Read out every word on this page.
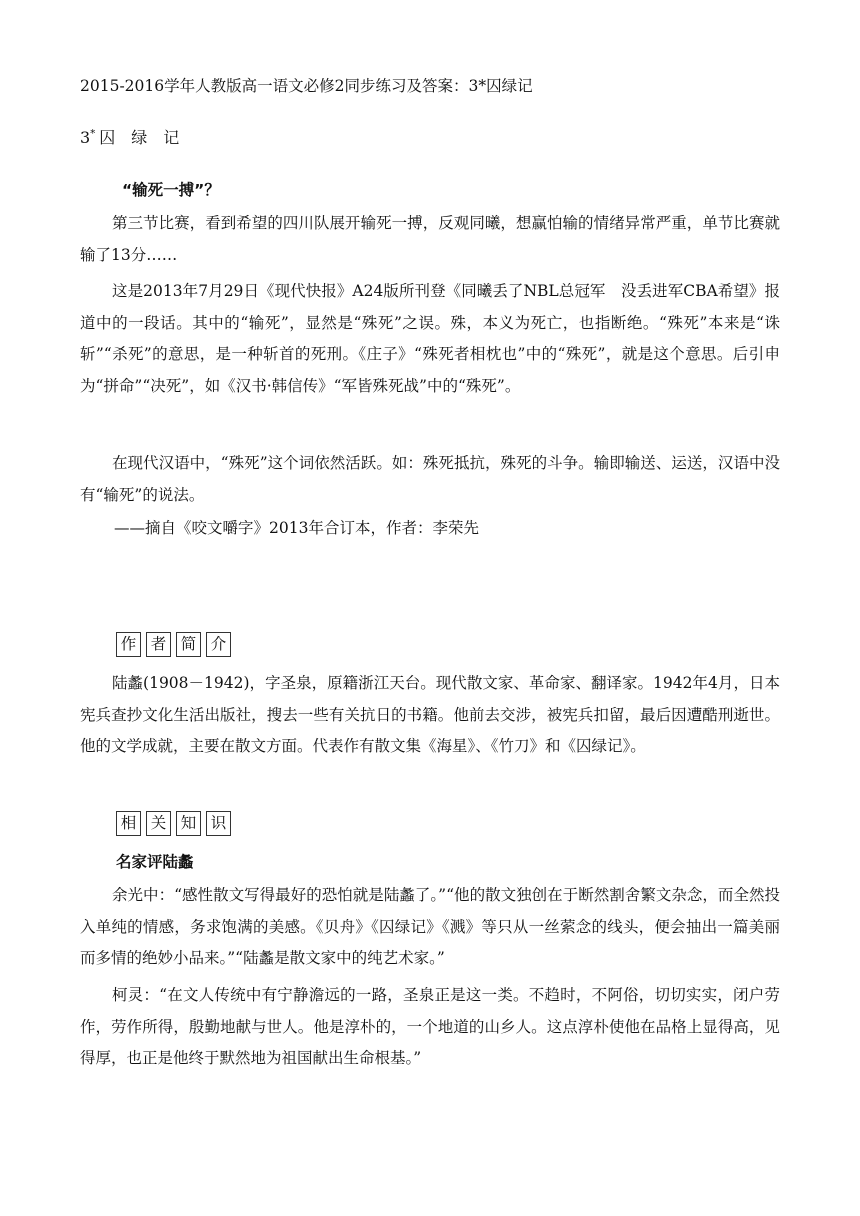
2015-2016学年人教版高一语文必修2同步练习及答案：3*囚绿记
3* 囚　绿　记
“输死一搏”？
第三节比赛，看到希望的四川队展开输死一搏，反观同曦，想赢怕输的情绪异常严重，单节比赛就输了13分……
这是2013年7月29日《现代快报》A24版所刊登《同曦丢了NBL总冠军　没丢进军CBA希望》报道中的一段话。其中的“输死”，显然是“殊死”之误。殊，本义为死亡，也指断绝。“殊死”本来是“诛斩”“杀死”的意思，是一种斩首的死刑。《庄子》“殊死者相枕也”中的“殊死”，就是这个意思。后引申为“拼命”“决死”，如《汉书·韩信传》“军皆殊死战”中的“殊死”。
在现代汉语中，“殊死”这个词依然活跃。如：殊死抵抗，殊死的斗争。输即输送、运送，汉语中没有“输死”的说法。
——摘自《咬文嚼字》2013年合订本，作者：李荣先
作 者 简 介
陆蠡(1908－1942)，字圣泉，原籍浙江天台。现代散文家、革命家、翻译家。1942年4月，日本宪兵查抄文化生活出版社，搜去一些有关抗日的书籍。他前去交涉，被宪兵扣留，最后因遭酷刑逝世。他的文学成就，主要在散文方面。代表作有散文集《海星》、《竹刀》和《囚绿记》。
相 关 知 识
名家评陆蠡
余光中：“感性散文写得最好的恐怕就是陆蠡了。”“他的散文独创在于断然割舍繁文杂念，而全然投入单纯的情感，务求饱满的美感。《贝舟》《囚绿记》《溅》等只从一丝萦念的线头，便会抽出一篇美丽而多情的绝妙小品来。”“陆蠡是散文家中的纯艺术家。”
柯灵：“在文人传统中有宁静澹远的一路，圣泉正是这一类。不趋时，不阿俗，切切实实，闭户劳作，劳作所得，殷勤地献与世人。他是淳朴的，一个地道的山乡人。这点淳朴使他在品格上显得高，见得厚，也正是他终于默然地为祖国献出生命根基。”
